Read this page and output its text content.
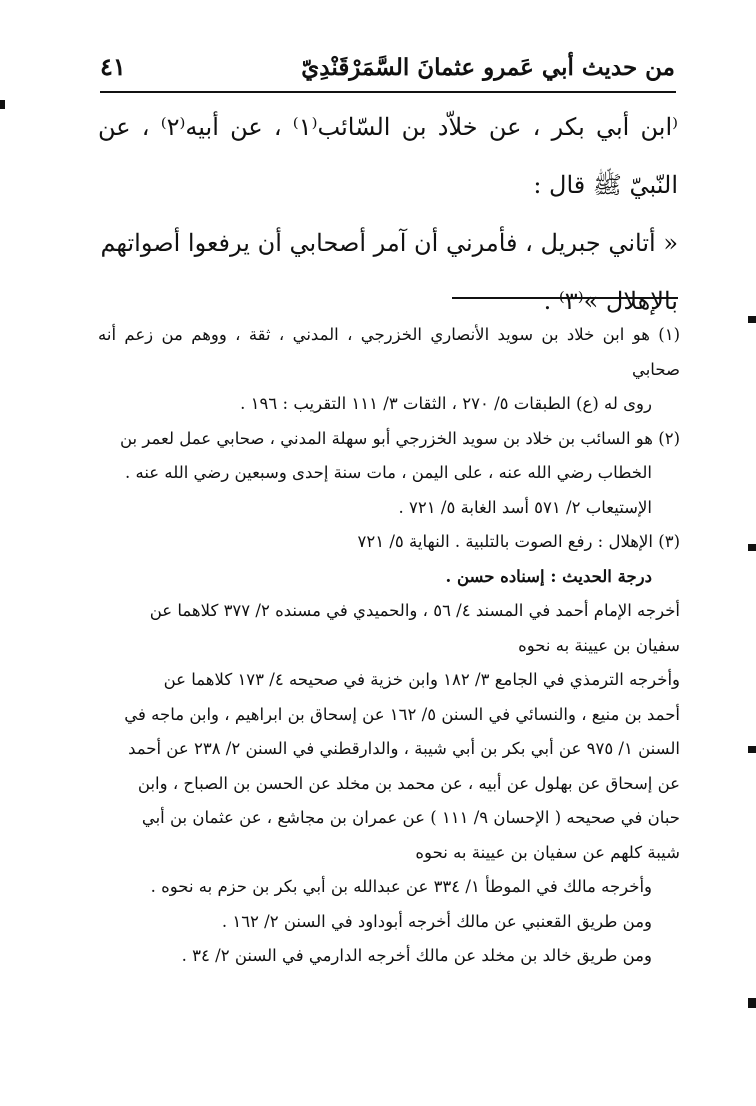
٤١	من حديث أبي عَمرو عثمانَ السَّمَرْقَنْدِيّ

⁽ابن أبي بكر ، عن خلاّد بن السّائب⁽١⁾ ، عن أبيه⁽٢⁾ ، عن النّبيّ ﷺ قال :

« أتاني جبريل ، فأمرني أن آمر أصحابي أن يرفعوا أصواتهم

بالإهلال »⁽٣⁾ .

(١) هو ابن خلاد بن سويد الأنصاري الخزرجي ، المدني ، ثقة ، ووهم من زعم أنه صحابي

روى له (ع) الطبقات ٥/ ٢٧٠ ، الثقات ٣/ ١١١ التقريب : ١٩٦ .

(٢) هو السائب بن خلاد بن سويد الخزرجي أبو سهلة المدني ، صحابي عمل لعمر بن

الخطاب رضي الله عنه ، على اليمن ، مات سنة إحدى وسبعين رضي الله عنه .

الإستيعاب ٢/ ٥٧١ أسد الغابة ٥/ ٧٢١ .

(٣) الإهلال : رفع الصوت بالتلبية . النهاية ٥/ ٧٢١

درجة الحديث : إسناده حسن .

أخرجه الإمام أحمد في المسند ٤/ ٥٦ ، والحميدي في مسنده ٢/ ٣٧٧ كلاهما عن

سفيان بن عيينة به نحوه

وأخرجه الترمذي في الجامع ٣/ ١٨٢ وابن خزية في صحيحه ٤/ ١٧٣ كلاهما عن

أحمد بن منيع ، والنسائي في السنن ٥/ ١٦٢ عن إسحاق بن ابراهيم ، وابن ماجه في

السنن ١/ ٩٧٥ عن أبي بكر بن أبي شيبة ، والدارقطني في السنن ٢/ ٢٣٨ عن أحمد

عن إسحاق عن بهلول عن أبيه ، عن محمد بن مخلد عن الحسن بن الصباح ، وابن

حبان في صحيحه ( الإحسان ٩/ ١١١ ) عن عمران بن مجاشع ، عن عثمان بن أبي

شيبة كلهم عن سفيان بن عيينة به نحوه

وأخرجه مالك في الموطأ ١/ ٣٣٤ عن عبدالله بن أبي بكر بن حزم به نحوه .

ومن طريق القعنبي عن مالك أخرجه أبوداود في السنن ٢/ ١٦٢ .

ومن طريق خالد بن مخلد عن مالك أخرجه الدارمي في السنن ٢/ ٣٤ .
